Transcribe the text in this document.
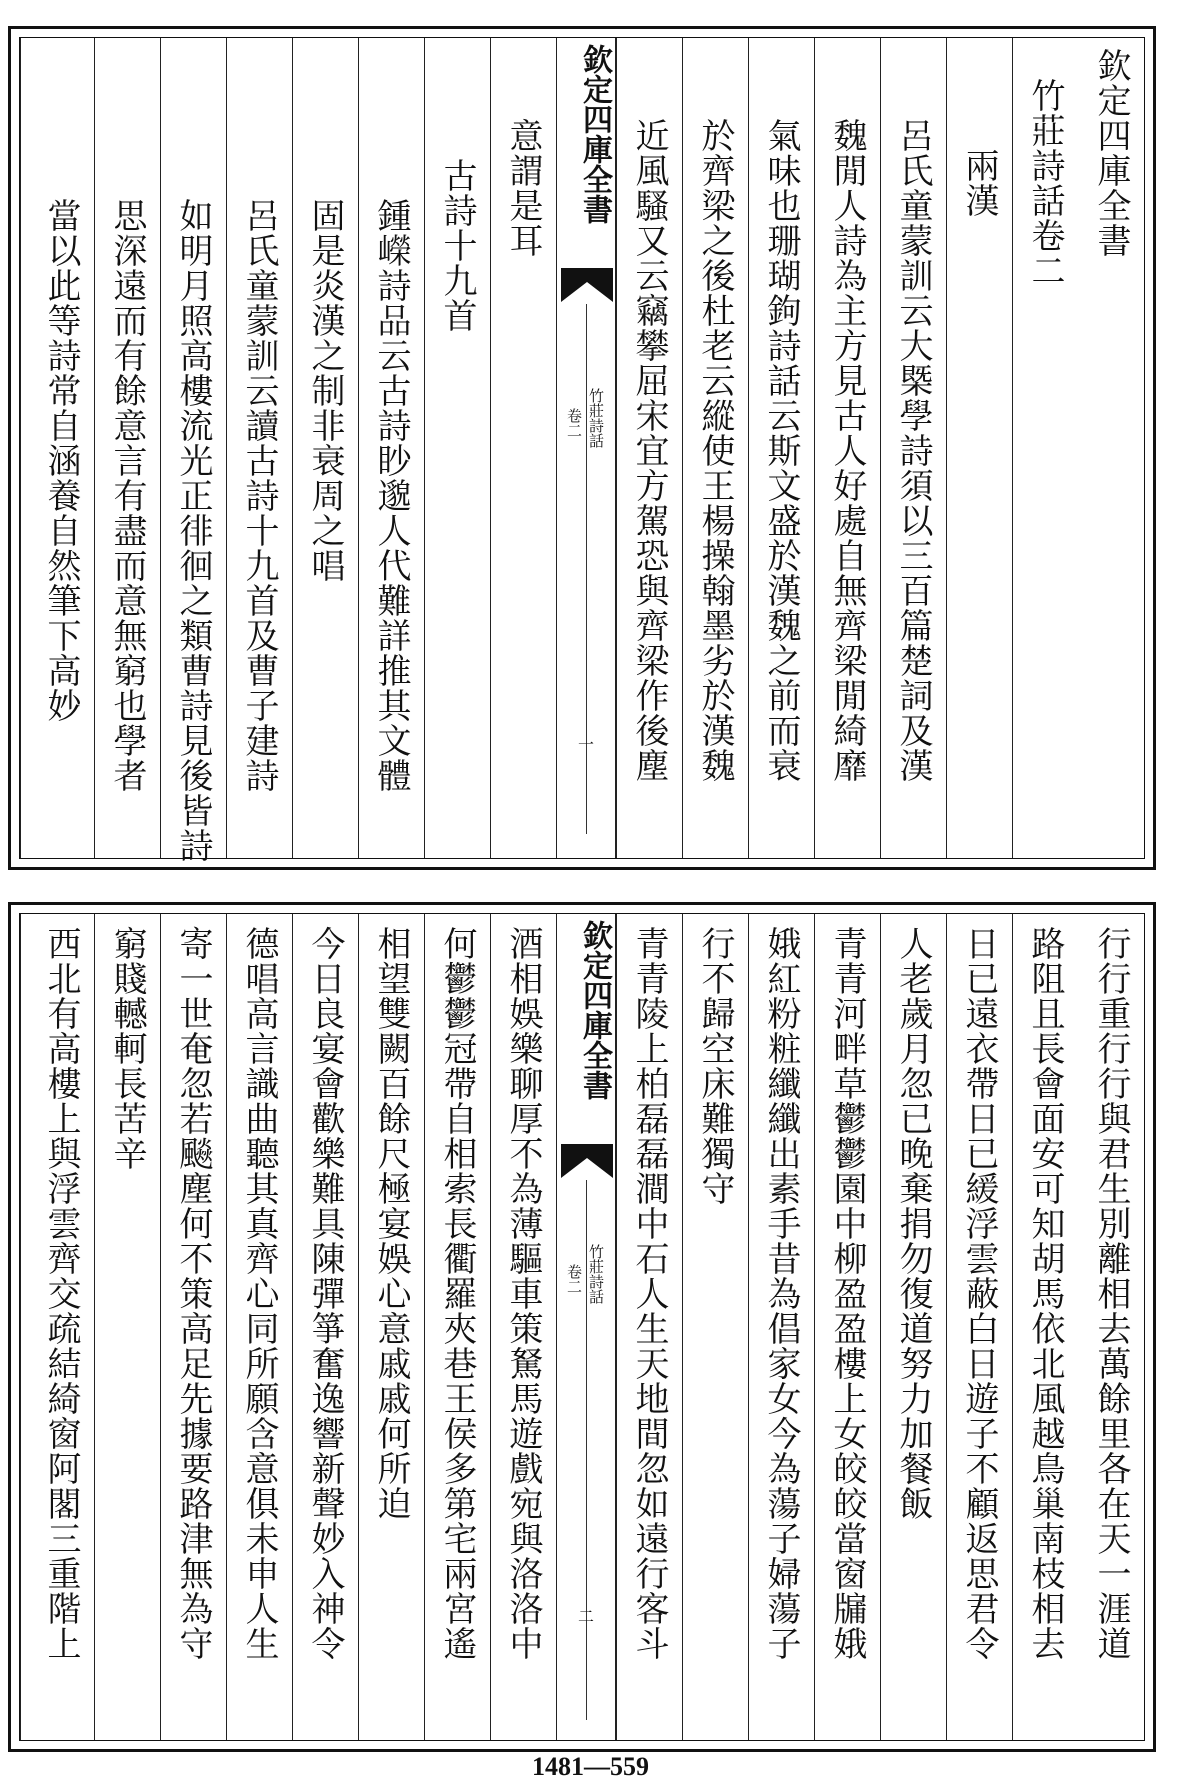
欽定四庫全書
竹莊詩話卷二
兩漢
呂氏童蒙訓云大槩學詩須以三百篇楚詞及漢
魏閒人詩為主方見古人好處自無齊梁閒綺靡
氣味也珊瑚鉤詩話云斯文盛於漢魏之前而衰
於齊梁之後杜老云縱使王楊操翰墨劣於漢魏
近風騷又云竊攀屈宋宜方駕恐與齊梁作後塵
欽定四庫全書
竹莊詩話
卷二
一
意謂是耳
古詩十九首
鍾嶸詩品云古詩眇邈人代難詳推其文體
固是炎漢之制非衰周之唱
呂氏童蒙訓云讀古詩十九首及曹子建詩
如明月照高樓流光正徘徊之類曹詩見後皆詩
思深遠而有餘意言有盡而意無窮也學者
當以此等詩常自涵養自然筆下高妙
行行重行行與君生別離相去萬餘里各在天一涯道
路阻且長會面安可知胡馬依北風越鳥巢南枝相去
日已遠衣帶日已緩浮雲蔽白日遊子不顧返思君令
人老歲月忽已晚棄捐勿復道努力加餐飯
青青河畔草鬱鬱園中柳盈盈樓上女皎皎當窗牖娥
娥紅粉粧纖纖出素手昔為倡家女今為蕩子婦蕩子
行不歸空床難獨守
青青陵上柏磊磊澗中石人生天地間忽如遠行客斗
欽定四庫全書
竹莊詩話
卷二
二
酒相娛樂聊厚不為薄驅車策駑馬遊戲宛與洛洛中
何鬱鬱冠帶自相索長衢羅夾巷王侯多第宅兩宮遙
相望雙闕百餘尺極宴娛心意戚戚何所迫
今日良宴會歡樂難具陳彈箏奮逸響新聲妙入神令
德唱高言識曲聽其真齊心同所願含意俱未申人生
寄一世奄忽若飈塵何不策高足先據要路津無為守
窮賤轗軻長苦辛
西北有高樓上與浮雲齊交疏結綺窗阿閣三重階上
1481—559
